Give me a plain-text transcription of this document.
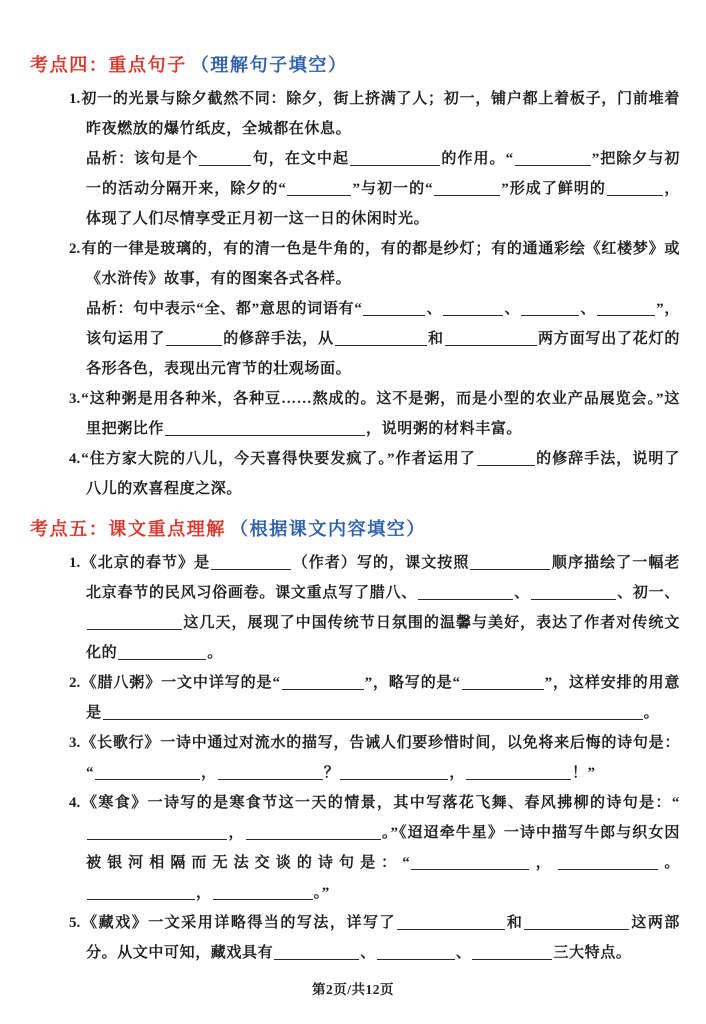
考点四：重点句子 （理解句子填空）

1.初一的光景与除夕截然不同：除夕，街上挤满了人；初一，铺户都上着板子，门前堆着昨夜燃放的爆竹纸皮，全城都在休息。

品析：该句是个	句，在文中起	的作用。“	”把除夕与初一的活动分隔开来，除夕的“	”与初一的“	”形成了鲜明的	，体现了人们尽情享受正月初一这一日的休闲时光。

2.有的一律是玻璃的，有的清一色是牛角的，有的都是纱灯；有的通通彩绘《红楼梦》或《水浒传》故事，有的图案各式各样。

品析：句中表示“全、都”意思的词语有“	、	、	、	”，该句运用了	的修辞手法，从	和	两方面写出了花灯的各形各色，表现出元宵节的壮观场面。

3.“这种粥是用各种米，各种豆……熬成的。这不是粥，而是小型的农业产品展览会。”这里把粥比作	，说明粥的材料丰富。

4.“住方家大院的八儿，今天喜得快要发疯了。”作者运用了	的修辞手法，说明了八儿的欢喜程度之深。

考点五：课文重点理解 （根据课文内容填空）

1.《北京的春节》是	（作者）写的，课文按照	顺序描绘了一幅老北京春节的民风习俗画卷。课文重点写了腊八、	、	、初一、这几天，展现了中国传统节日氛围的温馨与美好，表达了作者对传统文化的	。

2.《腊八粥》一文中详写的是“	”，略写的是“	”，这样安排的用意是	。

3.《长歌行》一诗中通过对流水的描写，告诫人们要珍惜时间，以免将来后悔的诗句是：“	，	？	，	！”

4.《寒食》一诗写的是寒食节这一天的情景，其中写落花飞舞、春风拂柳的诗句是：“，	。”《迢迢牵牛星》一诗中描写牛郎与织女因被银河相隔而无法交谈的诗句是：“	，	。，	。”

5.《藏戏》一文采用详略得当的写法，详写了	和	这两部分。从文中可知，藏戏具有	、	、	三大特点。

第2页/共12页
